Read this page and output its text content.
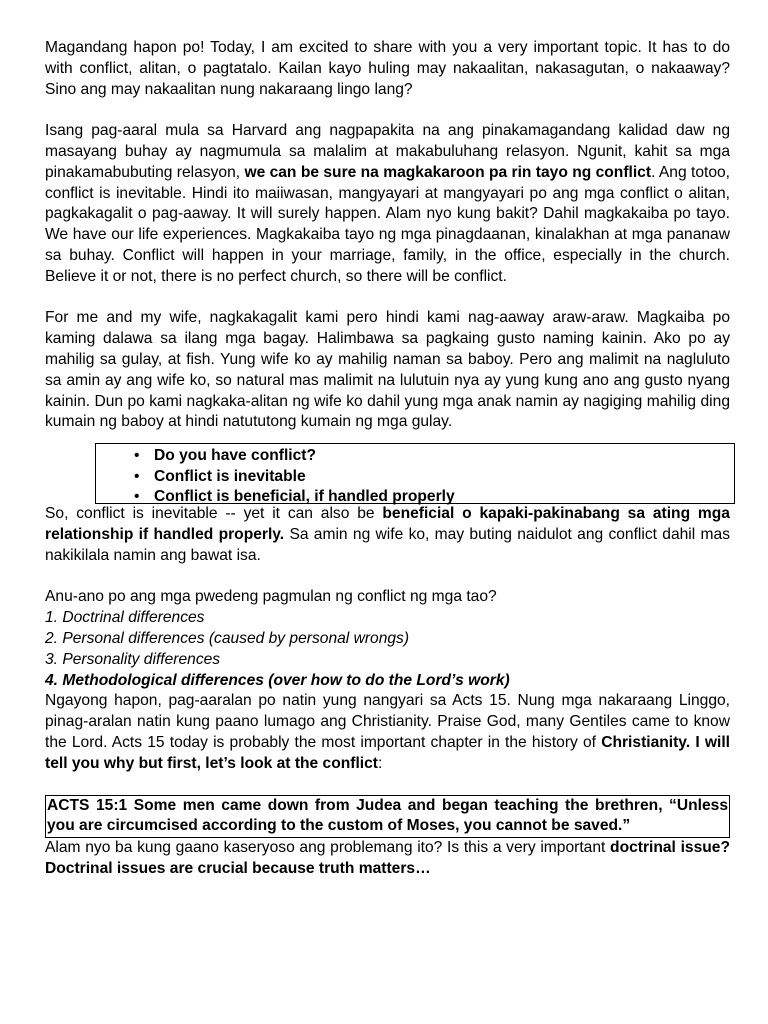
Magandang hapon po! Today, I am excited to share with you a very important topic. It has to do with conflict, alitan, o pagtatalo. Kailan kayo huling may nakaalitan, nakasagutan, o nakaaway? Sino ang may nakaalitan nung nakaraang lingo lang?

Isang pag-aaral mula sa Harvard ang nagpapakita na ang pinakamagandang kalidad daw ng masayang buhay ay nagmumula sa malalim at makabuluhang relasyon. Ngunit, kahit sa mga pinakamabubuting relasyon, we can be sure na magkakaroon pa rin tayo ng conflict. Ang totoo, conflict is inevitable. Hindi ito maiiwasan, mangyayari at mangyayari po ang mga conflict o alitan, pagkakagalit o pag-aaway. It will surely happen. Alam nyo kung bakit? Dahil magkakaiba po tayo. We have our life experiences. Magkakaiba tayo ng mga pinagdaanan, kinalakhan at mga pananaw sa buhay. Conflict will happen in your marriage, family, in the office, especially in the church. Believe it or not, there is no perfect church, so there will be conflict.

For me and my wife, nagkakagalit kami pero hindi kami nag-aaway araw-araw. Magkaiba po kaming dalawa sa ilang mga bagay. Halimbawa sa pagkaing gusto naming kainin. Ako po ay mahilig sa gulay, at fish. Yung wife ko ay mahilig naman sa baboy. Pero ang malimit na nagluluto sa amin ay ang wife ko, so natural mas malimit na lulutuin nya ay yung kung ano ang gusto nyang kainin. Dun po kami nagkaka-alitan ng wife ko dahil yung mga anak namin ay nagiging mahilig ding kumain ng baboy at hindi natututong kumain ng mga gulay.

• Do you have conflict?
• Conflict is inevitable
• Conflict is beneficial, if handled properly

So, conflict is inevitable -- yet it can also be beneficial o kapaki-pakinabang sa ating mga relationship if handled properly. Sa amin ng wife ko, may buting naidulot ang conflict dahil mas nakikilala namin ang bawat isa.

Anu-ano po ang mga pwedeng pagmulan ng conflict ng mga tao?

1. Doctrinal differences

2. Personal differences (caused by personal wrongs)

3. Personality differences

4. Methodological differences (over how to do the Lord’s work)

Ngayong hapon, pag-aaralan po natin yung nangyari sa Acts 15. Nung mga nakaraang Linggo, pinag-aralan natin kung paano lumago ang Christianity. Praise God, many Gentiles came to know the Lord. Acts 15 today is probably the most important chapter in the history of Christianity. I will tell you why but first, let’s look at the conflict:

ACTS 15:1 Some men came down from Judea and began teaching the brethren, “Unless you are circumcised according to the custom of Moses, you cannot be saved.”

Alam nyo ba kung gaano kaseryoso ang problemang ito? Is this a very important doctrinal issue? Doctrinal issues are crucial because truth matters…
